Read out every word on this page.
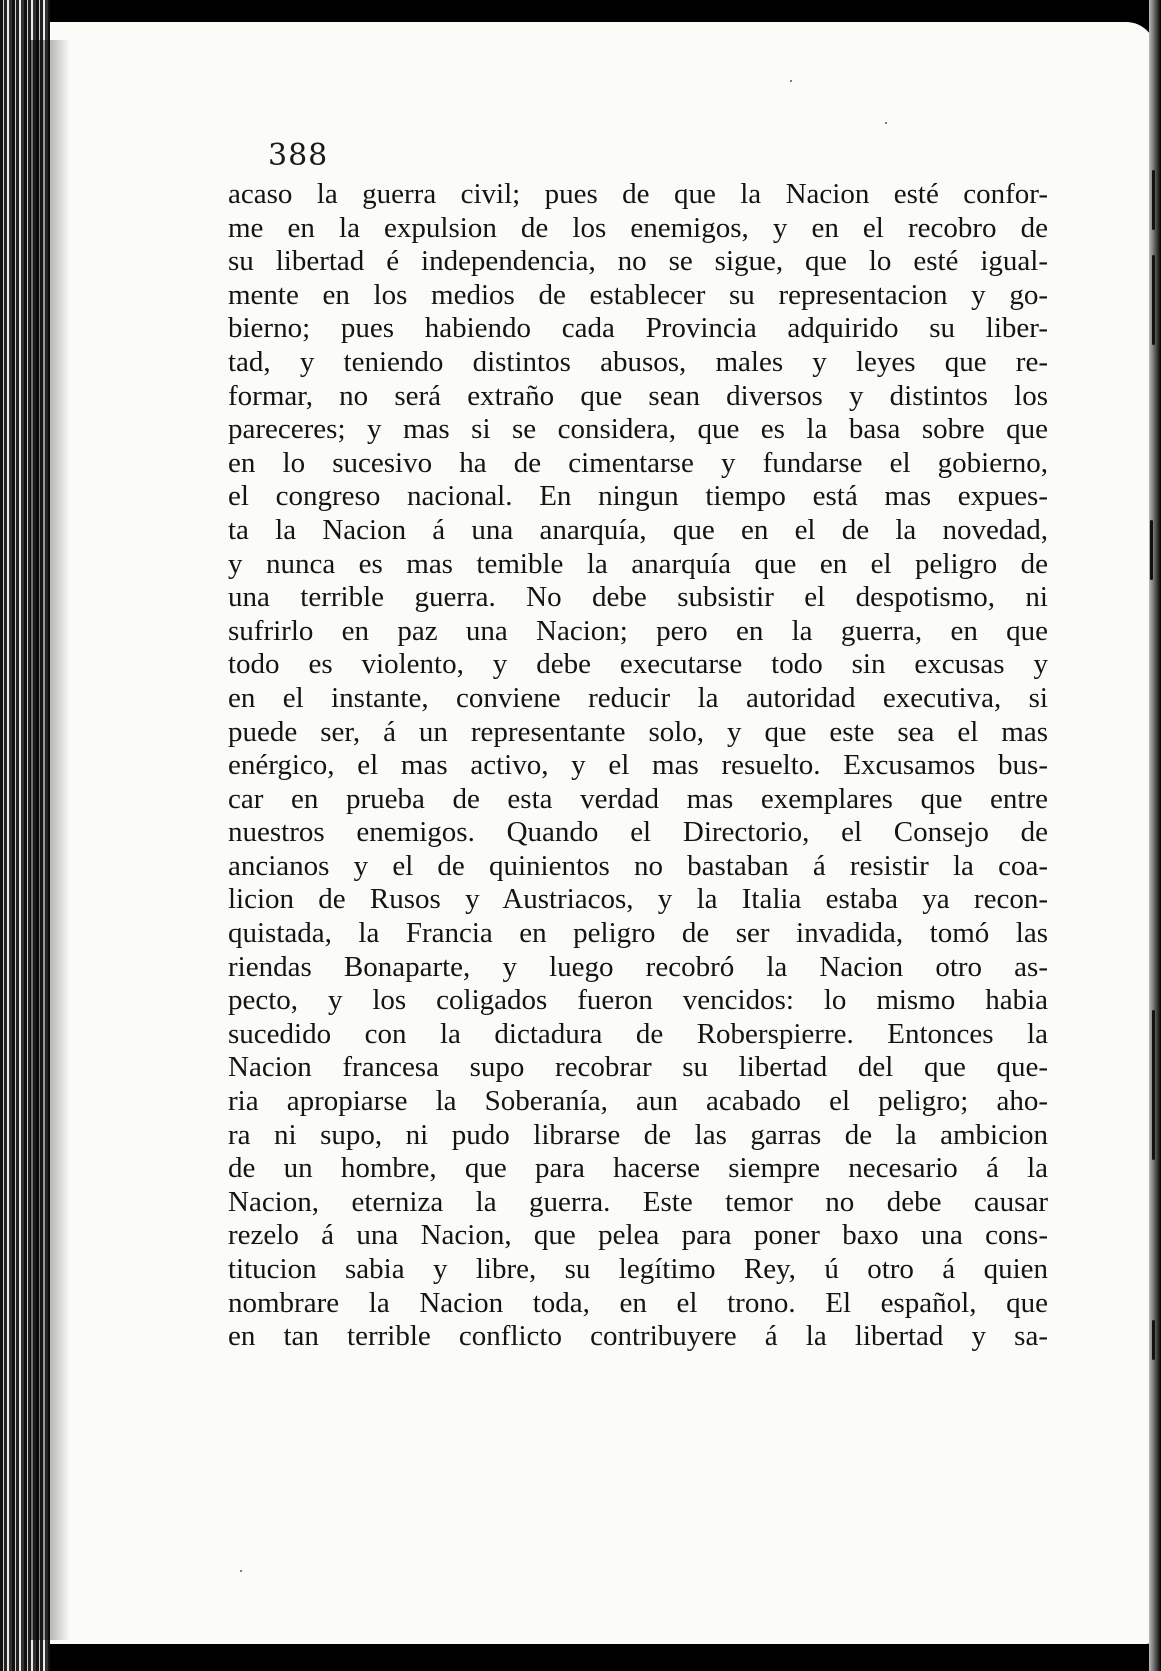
388
acaso la guerra civil; pues de que la Nacion esté confor-
me en la expulsion de los enemigos, y en el recobro de
su libertad é independencia, no se sigue, que lo esté igual-
mente en los medios de establecer su representacion y go-
bierno; pues habiendo cada Provincia adquirido su liber-
tad, y teniendo distintos abusos, males y leyes que re-
formar, no será extraño que sean diversos y distintos los
pareceres; y mas si se considera, que es la basa sobre que
en lo sucesivo ha de cimentarse y fundarse el gobierno,
el congreso nacional. En ningun tiempo está mas expues-
ta la Nacion á una anarquía, que en el de la novedad,
y nunca es mas temible la anarquía que en el peligro de
una terrible guerra. No debe subsistir el despotismo, ni
sufrirlo en paz una Nacion; pero en la guerra, en que
todo es violento, y debe executarse todo sin excusas y
en el instante, conviene reducir la autoridad executiva, si
puede ser, á un representante solo, y que este sea el mas
enérgico, el mas activo, y el mas resuelto. Excusamos bus-
car en prueba de esta verdad mas exemplares que entre
nuestros enemigos. Quando el Directorio, el Consejo de
ancianos y el de quinientos no bastaban á resistir la coa-
licion de Rusos y Austriacos, y la Italia estaba ya recon-
quistada, la Francia en peligro de ser invadida, tomó las
riendas Bonaparte, y luego recobró la Nacion otro as-
pecto, y los coligados fueron vencidos: lo mismo habia
sucedido con la dictadura de Roberspierre. Entonces la
Nacion francesa supo recobrar su libertad del que que-
ria apropiarse la Soberanía, aun acabado el peligro; aho-
ra ni supo, ni pudo librarse de las garras de la ambicion
de un hombre, que para hacerse siempre necesario á la
Nacion, eterniza la guerra. Este temor no debe causar
rezelo á una Nacion, que pelea para poner baxo una cons-
titucion sabia y libre, su legítimo Rey, ú otro á quien
nombrare la Nacion toda, en el trono. El español, que
en tan terrible conflicto contribuyere á la libertad y sa-
